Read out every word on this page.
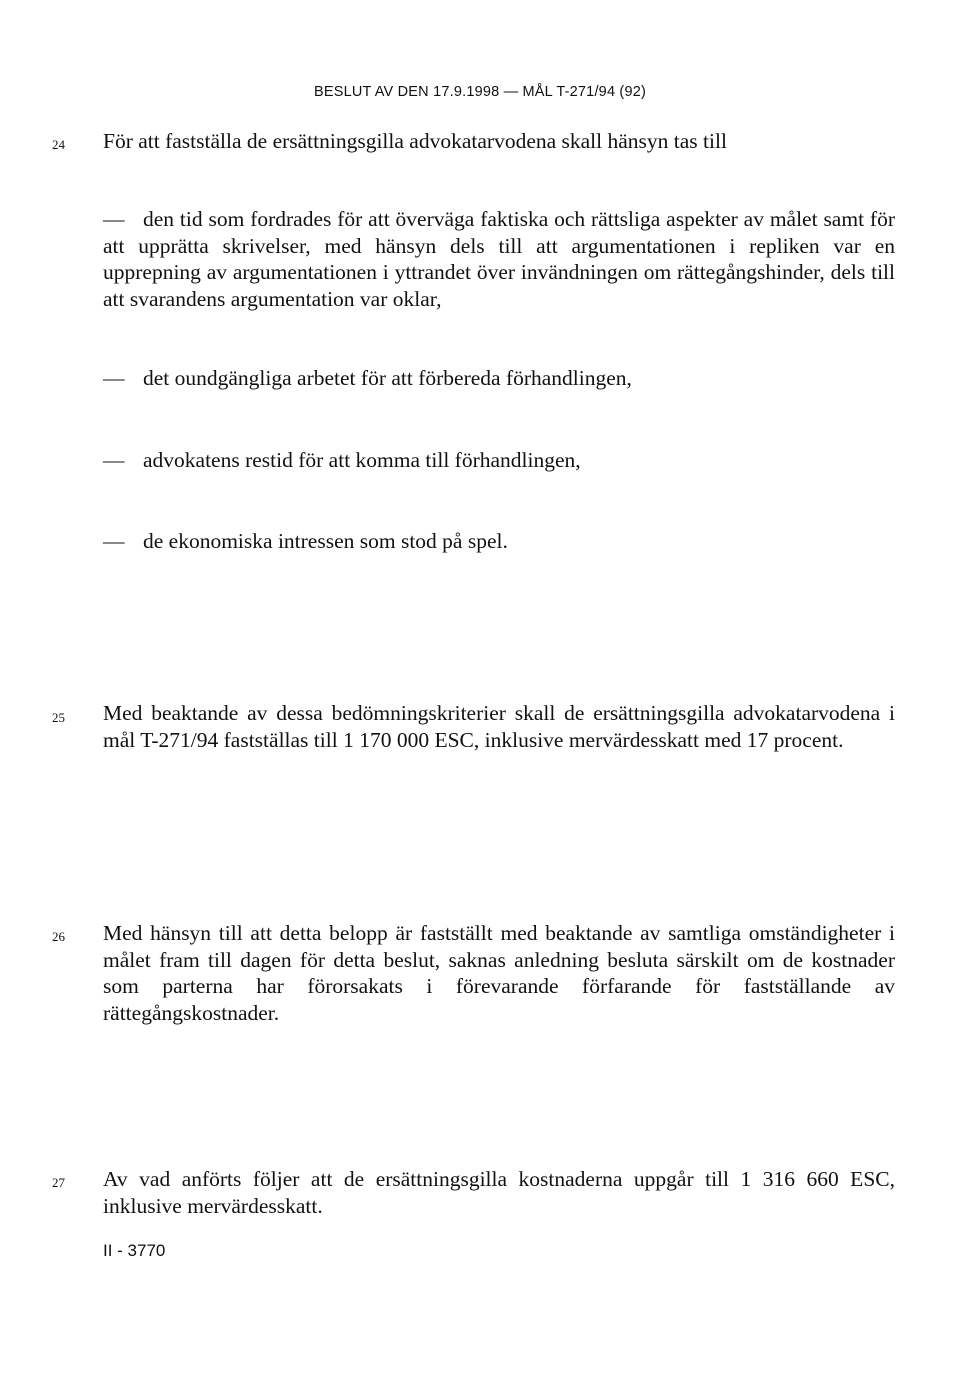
BESLUT AV DEN 17.9.1998 — MÅL T-271/94 (92)
24 För att fastställa de ersättningsgilla advokatarvodena skall hänsyn tas till
— den tid som fordrades för att överväga faktiska och rättsliga aspekter av målet samt för att upprätta skrivelser, med hänsyn dels till att argumentationen i repliken var en upprepning av argumentationen i yttrandet över invändningen om rättegångshinder, dels till att svarandens argumentation var oklar,
— det oundgängliga arbetet för att förbereda förhandlingen,
— advokatens restid för att komma till förhandlingen,
— de ekonomiska intressen som stod på spel.
25 Med beaktande av dessa bedömningskriterier skall de ersättningsgilla advokatarvodena i mål T-271/94 fastställas till 1 170 000 ESC, inklusive mervärdesskatt med 17 procent.
26 Med hänsyn till att detta belopp är fastställt med beaktande av samtliga omständigheter i målet fram till dagen för detta beslut, saknas anledning besluta särskilt om de kostnader som parterna har förorsakats i förevarande förfarande för fastställande av rättegångskostnader.
27 Av vad anförts följer att de ersättningsgilla kostnaderna uppgår till 1 316 660 ESC, inklusive mervärdesskatt.
II - 3770
